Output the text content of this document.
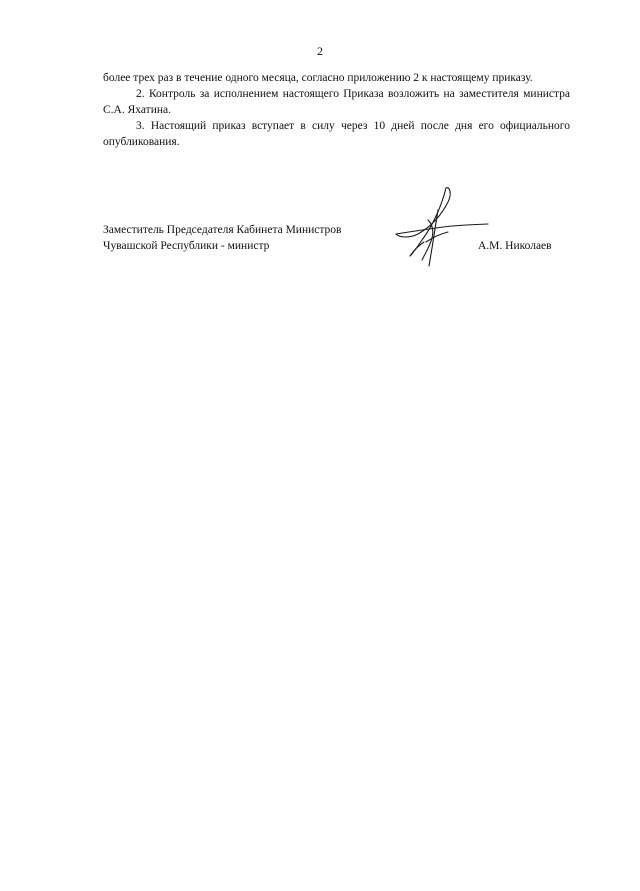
2

более трех раз в течение одного месяца, согласно приложению 2 к настоящему приказу.

2. Контроль за исполнением настоящего Приказа возложить на заместителя министра С.А. Яхатина.

3. Настоящий приказ вступает в силу через 10 дней после дня его официального опубликования.

Заместитель Председателя Кабинета Министров
Чувашской Республики - министр	А.М. Николаев
